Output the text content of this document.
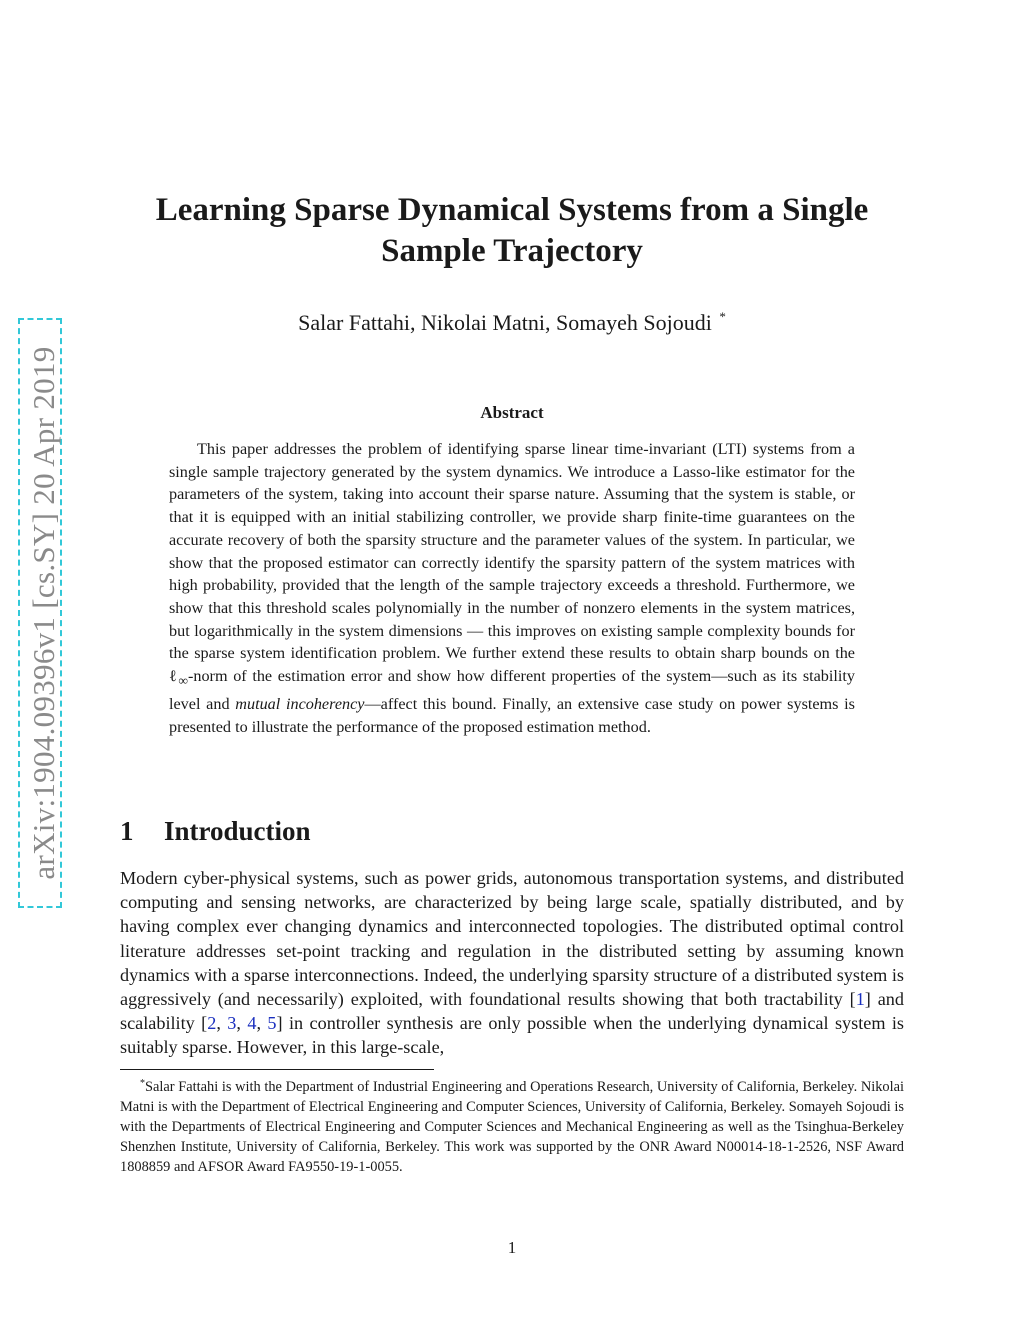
arXiv:1904.09396v1 [cs.SY] 20 Apr 2019
Learning Sparse Dynamical Systems from a Single Sample Trajectory
Salar Fattahi, Nikolai Matni, Somayeh Sojoudi *
Abstract

This paper addresses the problem of identifying sparse linear time-invariant (LTI) systems from a single sample trajectory generated by the system dynamics. We introduce a Lasso-like estimator for the parameters of the system, taking into account their sparse nature. Assuming that the system is stable, or that it is equipped with an initial stabilizing controller, we provide sharp finite-time guarantees on the accurate recovery of both the sparsity structure and the parameter values of the system. In particular, we show that the proposed estimator can correctly identify the sparsity pattern of the system matrices with high probability, provided that the length of the sample trajectory exceeds a threshold. Furthermore, we show that this threshold scales polynomially in the number of nonzero elements in the system matrices, but logarithmically in the system dimensions — this improves on existing sample complexity bounds for the sparse system identification problem. We further extend these results to obtain sharp bounds on the ℓ$_\infty$-norm of the estimation error and show how different properties of the system—such as its stability level and mutual incoherency—affect this bound. Finally, an extensive case study on power systems is presented to illustrate the performance of the proposed estimation method.

1 Introduction

Modern cyber-physical systems, such as power grids, autonomous transportation systems, and distributed computing and sensing networks, are characterized by being large scale, spatially distributed, and by having complex ever changing dynamics and interconnected topologies. The distributed optimal control literature addresses set-point tracking and regulation in the distributed setting by assuming known dynamics with a sparse interconnections. Indeed, the underlying sparsity structure of a distributed system is aggressively (and necessarily) exploited, with foundational results showing that both tractability [1] and scalability [2, 3, 4, 5] in controller synthesis are only possible when the underlying dynamical system is suitably sparse. However, in this large-scale,

*Salar Fattahi is with the Department of Industrial Engineering and Operations Research, University of California, Berkeley. Nikolai Matni is with the Department of Electrical Engineering and Computer Sciences, University of California, Berkeley. Somayeh Sojoudi is with the Departments of Electrical Engineering and Computer Sciences and Mechanical Engineering as well as the Tsinghua-Berkeley Shenzhen Institute, University of California, Berkeley. This work was supported by the ONR Award N00014-18-1-2526, NSF Award 1808859 and AFSOR Award FA9550-19-1-0055.

1
